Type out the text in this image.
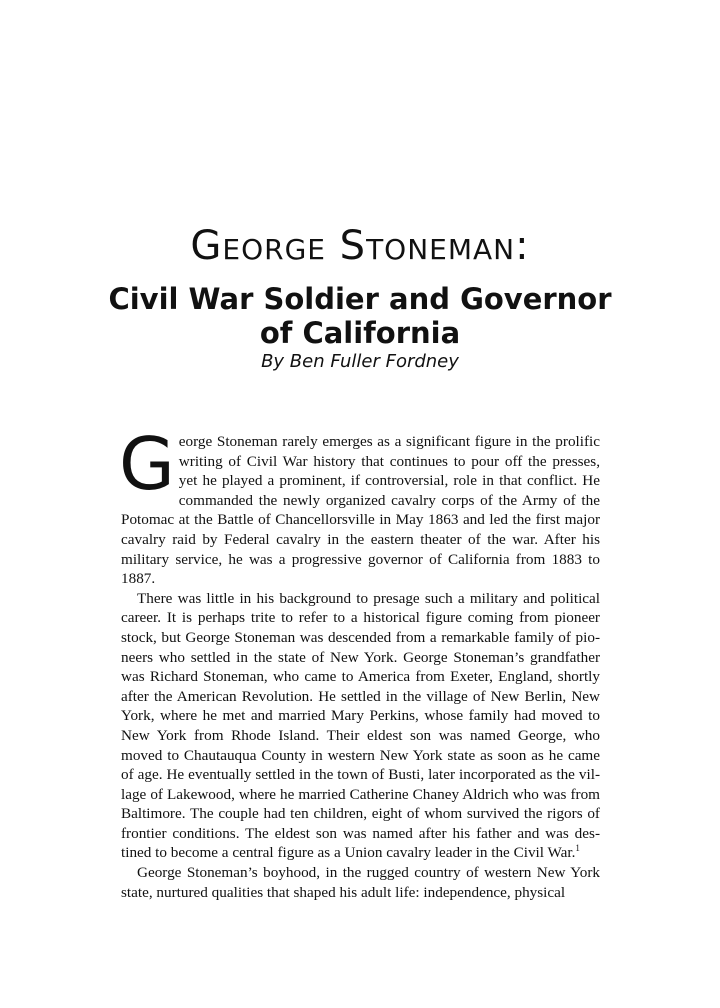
George Stoneman:
Civil War Soldier and Governor
of California
By Ben Fuller Fordney

George Stoneman rarely emerges as a significant figure in the prolific writing of Civil War history that continues to pour off the presses, yet he played a prominent, if controversial, role in that conflict. He commanded the newly organized cavalry corps of the Army of the Potomac at the Battle of Chancellorsville in May 1863 and led the first major cavalry raid by Federal cavalry in the eastern theater of the war. After his military service, he was a progressive governor of California from 1883 to 1887.

There was little in his background to presage such a military and political career. It is perhaps trite to refer to a historical figure coming from pioneer stock, but George Stoneman was descended from a remarkable family of pioneers who settled in the state of New York. George Stoneman’s grandfather was Richard Stoneman, who came to America from Exeter, England, shortly after the American Revolution. He settled in the village of New Berlin, New York, where he met and married Mary Perkins, whose family had moved to New York from Rhode Island. Their eldest son was named George, who moved to Chautauqua County in western New York state as soon as he came of age. He eventually settled in the town of Busti, later incorporated as the village of Lakewood, where he married Catherine Chaney Aldrich who was from Baltimore. The couple had ten children, eight of whom survived the rigors of frontier conditions. The eldest son was named after his father and was destined to become a central figure as a Union cavalry leader in the Civil War.$^1$

George Stoneman’s boyhood, in the rugged country of western New York state, nurtured qualities that shaped his adult life: independence, physical
